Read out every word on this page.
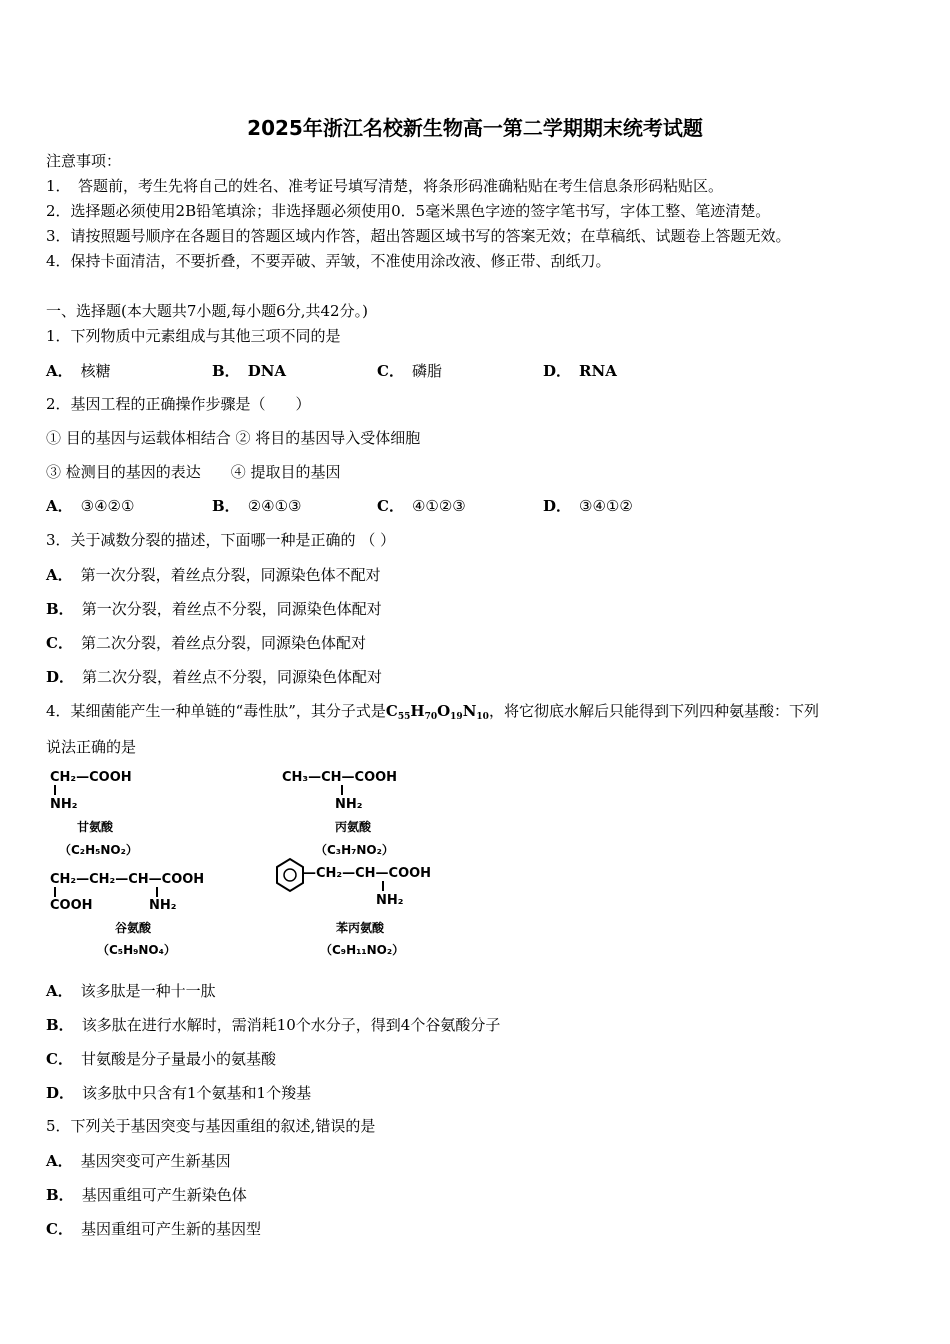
2025年浙江名校新生物高一第二学期期末统考试题
注意事项：
1．　答题前，考生先将自己的姓名、准考证号填写清楚，将条形码准确粘贴在考生信息条形码粘贴区。
2．选择题必须使用2B铅笔填涂；非选择题必须使用0．5毫米黑色字迹的签字笔书写，字体工整、笔迹清楚。
3．请按照题号顺序在各题目的答题区域内作答，超出答题区域书写的答案无效；在草稿纸、试题卷上答题无效。
4．保持卡面清洁，不要折叠，不要弄破、弄皱，不准使用涂改液、修正带、刮纸刀。
一、选择题(本大题共7小题,每小题6分,共42分。)
1．下列物质中元素组成与其他三项不同的是
A． 核糖	B． DNA	C． 磷脂	D． RNA
2．基因工程的正确操作步骤是（　　）
① 目的基因与运载体相结合 ② 将目的基因导入受体细胞
③ 检测目的基因的表达　　④ 提取目的基因
A． ③④②①	B． ②④①③	C． ④①②③	D． ③④①②
3．关于减数分裂的描述，下面哪一种是正确的 （ ）
A． 第一次分裂，着丝点分裂，同源染色体不配对
B． 第一次分裂，着丝点不分裂，同源染色体配对
C． 第二次分裂，着丝点分裂，同源染色体配对
D． 第二次分裂，着丝点不分裂，同源染色体配对
4．某细菌能产生一种单链的“毒性肽”，其分子式是$C_{55}H_{70}O_{19}N_{10}$，将它彻底水解后只能得到下列四种氨基酸：下列
说法正确的是
CH₂—COOH
NH₂
甘氨酸
（C₂H₅NO₂）
CH₃—CH—COOH
NH₂
丙氨酸
（C₃H₇NO₂）
CH₂—CH₂—CH—COOH
COOH	NH₂
谷氨酸
（C₅H₉NO₄）
—CH₂—CH—COOH
NH₂
苯丙氨酸
（C₉H₁₁NO₂）
A． 该多肽是一种十一肽
B． 该多肽在进行水解时，需消耗10个水分子，得到4个谷氨酸分子
C． 甘氨酸是分子量最小的氨基酸
D． 该多肽中只含有1个氨基和1个羧基
5．下列关于基因突变与基因重组的叙述,错误的是
A． 基因突变可产生新基因
B． 基因重组可产生新染色体
C． 基因重组可产生新的基因型
